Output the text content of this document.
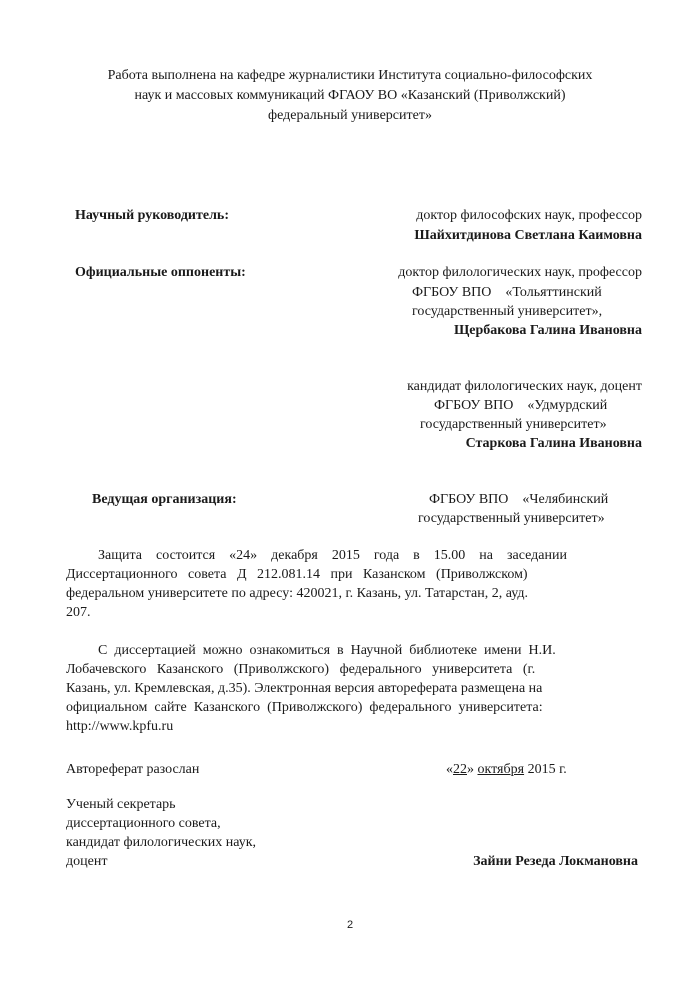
Работа выполнена на кафедре журналистики Института социально-философских
наук и массовых коммуникаций ФГАОУ ВО «Казанский (Приволжский)
федеральный университет»
Научный руководитель:	доктор философских наук, профессор
Шайхитдинова Светлана Каимовна
Официальные оппоненты:	доктор филологических наук, профессор
ФГБОУ ВПО    «Тольяттинский
государственный университет»,
Щербакова Галина Ивановна
кандидат филологических наук, доцент
ФГБОУ ВПО    «Удмурдский
государственный университет»
Старкова Галина Ивановна
Ведущая организация:	ФГБОУ ВПО    «Челябинский
государственный университет»
Защита    состоится    «24»    декабря    2015    года    в    15.00    на    заседании
Диссертационного   совета   Д   212.081.14   при   Казанском   (Приволжском)
федеральном университете по адресу: 420021, г. Казань, ул. Татарстан, 2, ауд.
207.
С  диссертацией  можно  ознакомиться  в  Научной  библиотеке  имени  Н.И.
Лобачевского   Казанского   (Приволжского)   федерального   университета   (г.
Казань, ул. Кремлевская, д.35). Электронная версия автореферата размещена на
официальном  сайте  Казанского  (Приволжского)  федерального  университета:
http://www.kpfu.ru
Автореферат разослан	«22» октября 2015 г.
Ученый секретарь
диссертационного совета,
кандидат филологических наук,
доцент	Зайни Резеда Локмановна
2
